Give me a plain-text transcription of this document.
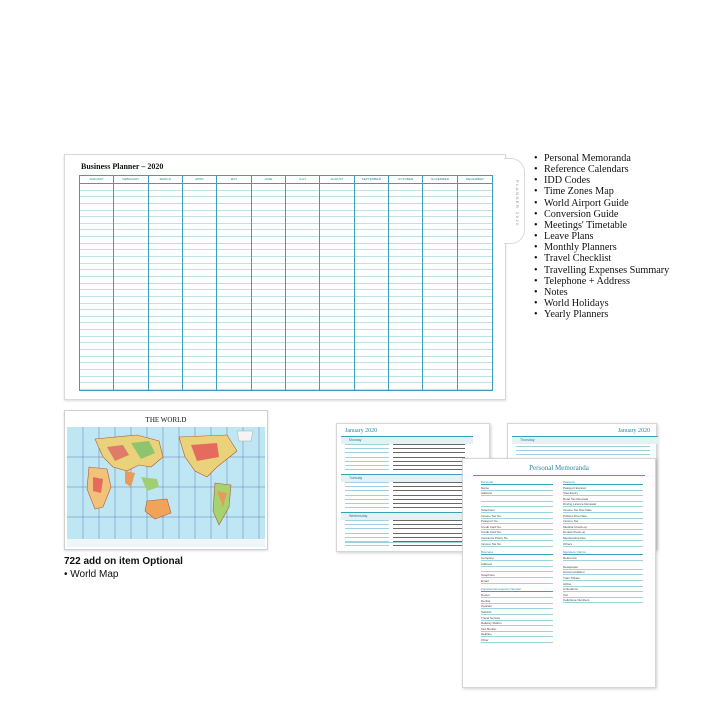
Business Planner – 2020
JANUARY	FEBRUARY	MARCH	APRIL	MAY	JUNE	JULY	AUGUST	SEPTEMBER	OCTOBER	NOVEMBER	DECEMBER
PLANNER 2020
• Personal Memoranda
• Reference Calendars
• IDD Codes
• Time Zones Map
• World Airport Guide
• Conversion Guide
• Meetings' Timetable
• Leave Plans
• Monthly Planners
• Travel Checklist
• Travelling Expenses Summary
• Telephone + Address
• Notes
• World Holidays
• Yearly Planners
THE WORLD
722 add on item Optional
• World Map
January 2020
Monday
Tuesday
Wednesday
January 2020
Thursday
Personal Memoranda
Personal
Name
Address
Telephone
Income Tax No.
Passport No.
Credit Card No.
Credit Card No.
Insurance Policy No.
Income Tax No.
Business
Company
Address
Telephone
Email
Important Emergency Number
Doctor
Dentist
Optician
Solicitor
Travel Service
Railway Station
Taxi Bookin
Helpline
Other
Passport
Passport Expired
Visa Expiry
Road Tax Renewal
Driving Licence Renewal
Income Tax Due Date
Policies Due Date
Income Tax
Medical Check-up
Dental Check-up
Membership Due
Others
Signature Claims
Reference
Newspaper
Accommodation
Train Tickets
Airline
Ambulance
Car
Cellphone Numbers
